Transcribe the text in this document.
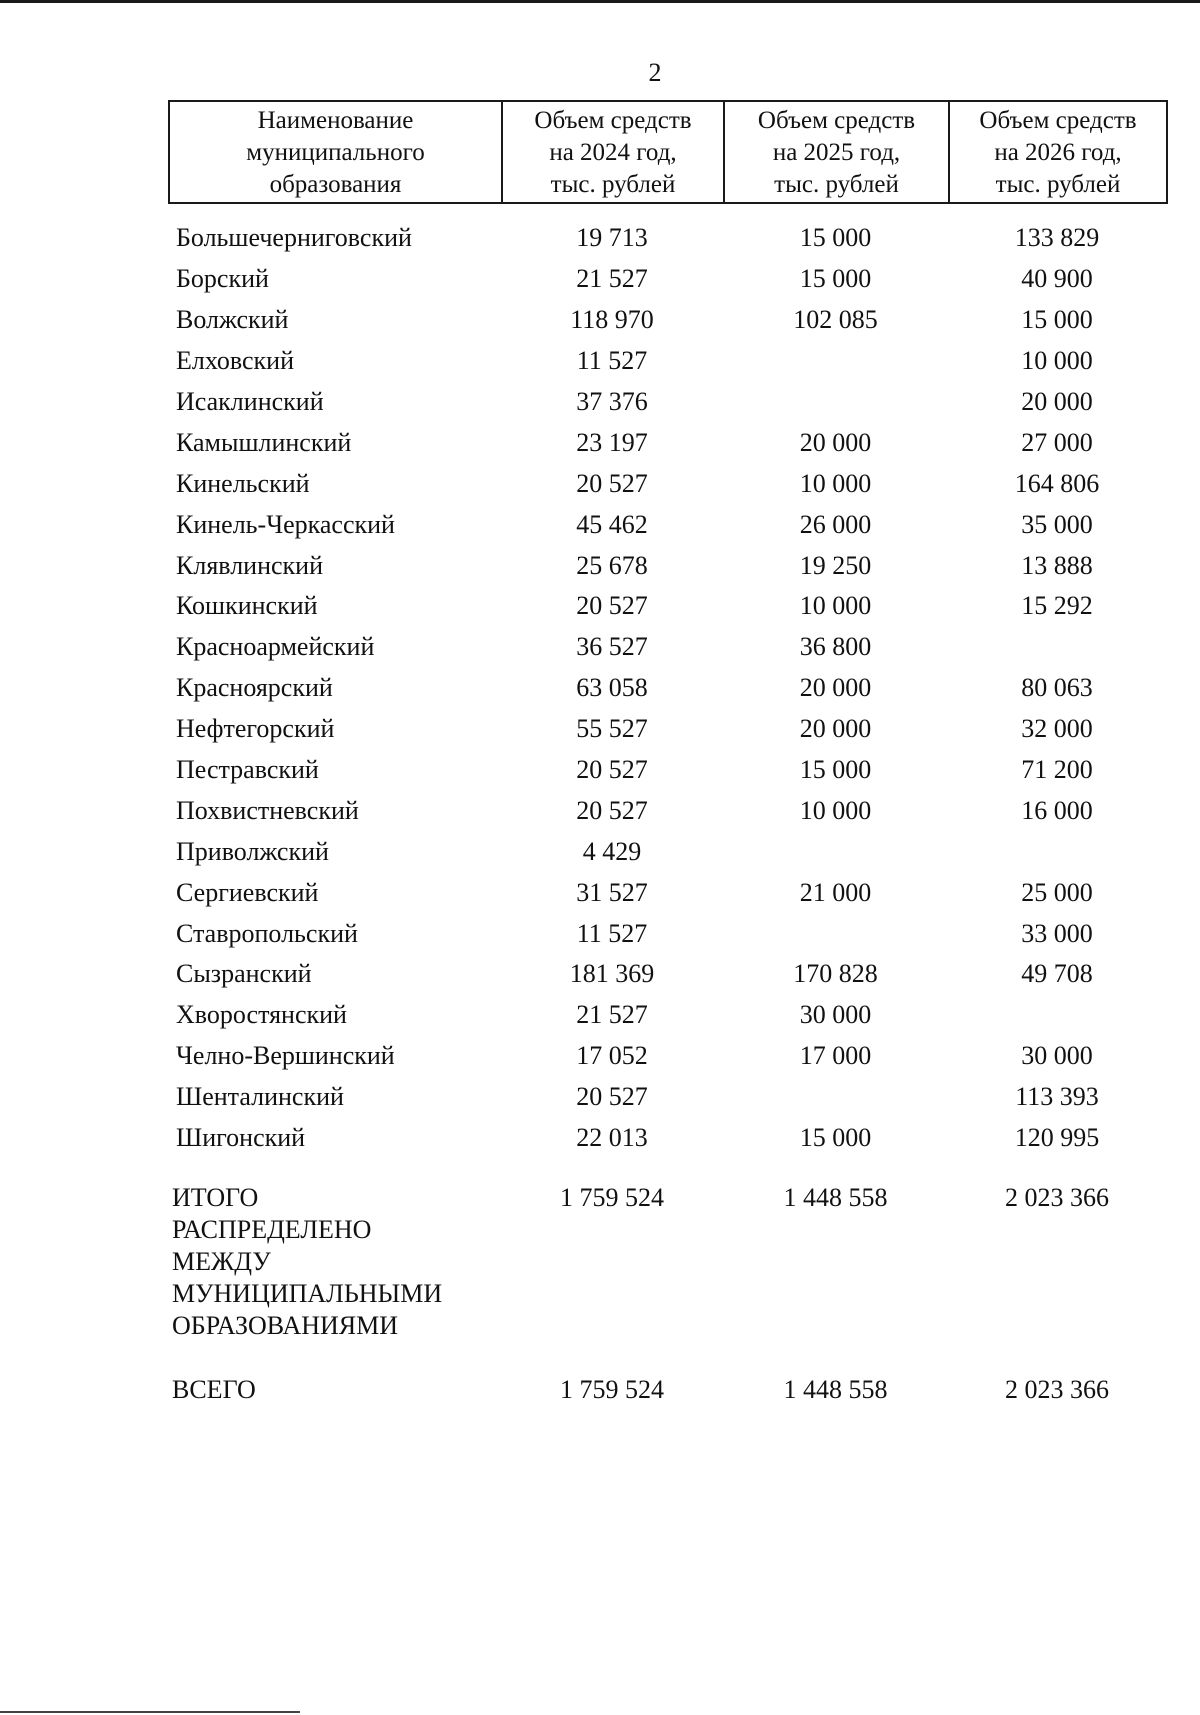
2
Наименование
муниципального
образования

Объем средств
на 2024 год,
тыс. рублей

Объем средств
на 2025 год,
тыс. рублей

Объем средств
на 2026 год,
тыс. рублей
Большечерниговский	19 713	15 000	133 829
Борский	21 527	15 000	40 900
Волжский	118 970	102 085	15 000
Елховский	11 527		10 000
Исаклинский	37 376		20 000
Камышлинский	23 197	20 000	27 000
Кинельский	20 527	10 000	164 806
Кинель-Черкасский	45 462	26 000	35 000
Клявлинский	25 678	19 250	13 888
Кошкинский	20 527	10 000	15 292
Красноармейский	36 527	36 800	
Красноярский	63 058	20 000	80 063
Нефтегорский	55 527	20 000	32 000
Пестравский	20 527	15 000	71 200
Похвистневский	20 527	10 000	16 000
Приволжский	4 429		
Сергиевский	31 527	21 000	25 000
Ставропольский	11 527		33 000
Сызранский	181 369	170 828	49 708
Хворостянский	21 527	30 000	
Челно-Вершинский	17 052	17 000	30 000
Шенталинский	20 527		113 393
Шигонский	22 013	15 000	120 995
ИТОГО
РАСПРЕДЕЛЕНО
МЕЖДУ
МУНИЦИПАЛЬНЫМИ
ОБРАЗОВАНИЯМИ
	1 759 524	1 448 558	2 023 366
ВСЕГО	1 759 524	1 448 558	2 023 366
